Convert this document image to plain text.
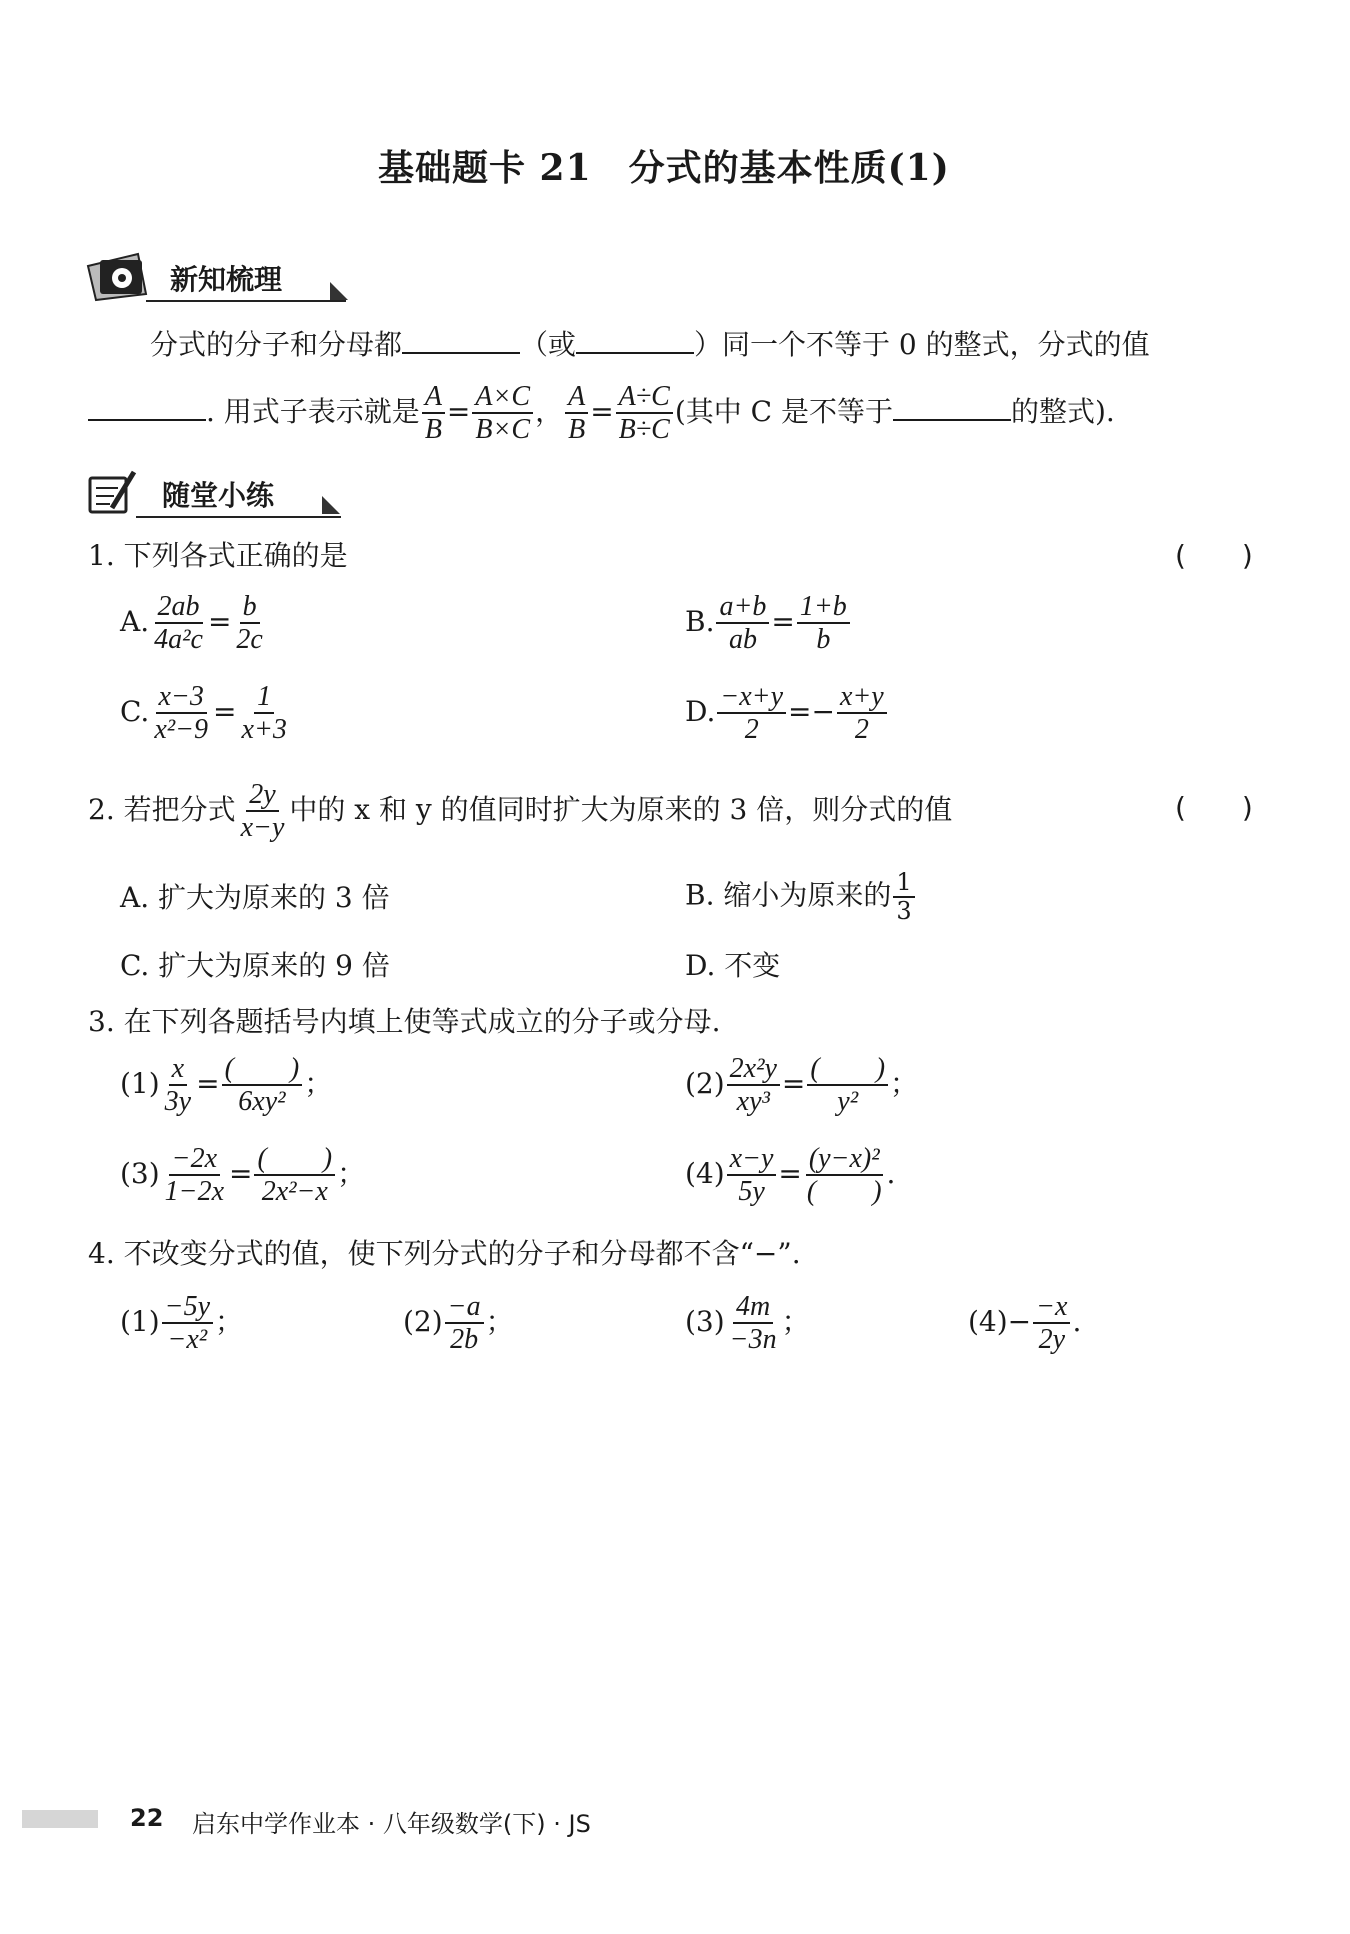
基础题卡 21　分式的基本性质(1)
新知梳理
分式的分子和分母都	（或	）同一个不等于 0 的整式，分式的值
. 用式子表示就是 $\frac{A}{B} = \frac{A\times C}{B\times C}$ ， $\frac{A}{B} = \frac{A\div C}{B\div C}$ (其中 C 是不等于	的整式).
随堂小练
1. 下列各式正确的是	(　　)
A. $\frac{2ab}{\text{4a²c}} = \frac{b}{2c}$	B. $\frac{a+b}{ab} = \frac{1+b}{b}$
C. $\frac{x-3}{\text{x²−9}} = \frac{1}{x+3}$	D. $\frac{-x+y}{2} =- \frac{x+y}{2}$
2. 若把分式 $\frac{2y}{x-y}$ 中的 x 和 y 的值同时扩大为原来的 3 倍，则分式的值	(　　)
A. 扩大为原来的 3 倍	B. 缩小为原来的 $\frac{1}{3}$
C. 扩大为原来的 9 倍	D. 不变
3. 在下列各题括号内填上使等式成立的分子或分母.
$(1) \frac{x}{3y} = \frac{( )}{\text{6xy²}}$ ；	$(2) \frac{\text{2x²y}}{\text{xy³}} = \frac{( )}{\text{y²}}$ ；
$(3) \frac{-2x}{1-2x} = \frac{( )}{\text{2x²−x}}$ ；	$(4) \frac{x-y}{5y} = \frac{\text{(y−x)²}}{( )}$ .
4. 不改变分式的值，使下列分式的分子和分母都不含“−”.
$(1) \frac{-5y}{\text{−x²}}$ ；	$(2) \frac{-a}{2b}$ ；	$(3) \frac{4m}{-3n}$ ；	$(4)- \frac{-x}{2y}$ .
22 启东中学作业本 · 八年级数学(下) · JS
